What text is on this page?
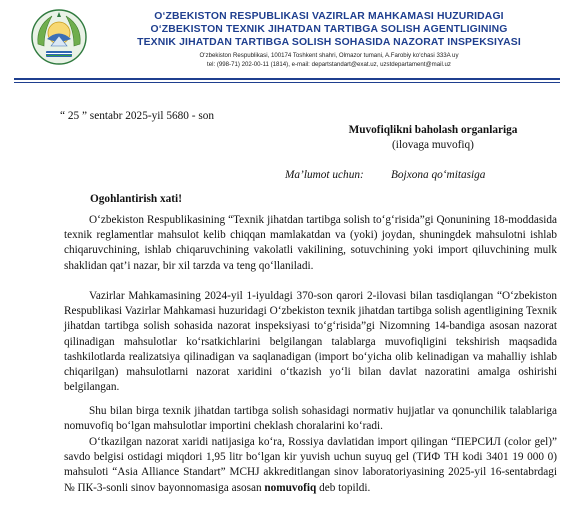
O‘ZBEKISTON RESPUBLIKASI VAZIRLAR MAHKAMASI HUZURIDAGI
O‘ZBEKISTON TEXNIK JIHATDAN TARTIBGA SOLISH AGENTLIGINING
TEXNIK JIHATDAN TARTIBGA SOLISH SOHASIDA NAZORAT INSPEKSIYASI
O‘zbekiston Respublikasi, 100174 Toshkent shahri, Olmazor tumani, A.Farobiy ko‘chasi 333A uy
tel: (998-71) 202-00-11 (1814), e-mail: departstandart@exat.uz, uzstdepartament@mail.uz
“ 25 ” sentabr 2025-yil 5680 - son
Muvofiqlikni baholash organlariga
(ilovaga muvofiq)
Ma’lumot uchun: Bojxona qo‘mitasiga
Ogohlantirish xati!

O‘zbekiston Respublikasining “Texnik jihatdan tartibga solish to‘g‘risida”gi Qonunining 18-moddasida texnik reglamentlar mahsulot kelib chiqqan mamlakatdan va (yoki) joydan, shuningdek mahsulotni ishlab chiqaruvchining, ishlab chiqaruvchining vakolatli vakilining, sotuvchining yoki import qiluvchining mulk shaklidan qat’i nazar, bir xil tarzda va teng qo‘llaniladi.

Vazirlar Mahkamasining 2024-yil 1-iyuldagi 370-son qarori 2-ilovasi bilan tasdiqlangan “O‘zbekiston Respublikasi Vazirlar Mahkamasi huzuridagi O‘zbekiston texnik jihatdan tartibga solish agentligining Texnik jihatdan tartibga solish sohasida nazorat inspeksiyasi to‘g‘risida”gi Nizomning 14-bandiga asosan nazorat qilinadigan mahsulotlar ko‘rsatkichlarini belgilangan talablarga muvofiqligini tekshirish maqsadida tashkilotlarda realizatsiya qilinadigan va saqlanadigan (import bo‘yicha olib kelinadigan va mahalliy ishlab chiqarilgan) mahsulotlarni nazorat xaridini o‘tkazish yo‘li bilan davlat nazoratini amalga oshirishi belgilangan.

Shu bilan birga texnik jihatdan tartibga solish sohasidagi normativ hujjatlar va qonunchilik talablariga nomuvofiq bo‘lgan mahsulotlar importini cheklash choralarini ko‘radi.

O‘tkazilgan nazorat xaridi natijasiga ko‘ra, Rossiya davlatidan import qilingan “ПЕРСИЛ (color gel)” savdo belgisi ostidagi miqdori 1,95 litr bo‘lgan kir yuvish uchun suyuq gel (ТИФ ТН kodi 3401 19 000 0) mahsuloti “Asia Alliance Standart” MCHJ akkreditlangan sinov laboratoriyasining 2025-yil 16-sentabrdagi № ПК-3-sonli sinov bayonnomasiga asosan nomuvofiq deb topildi.
